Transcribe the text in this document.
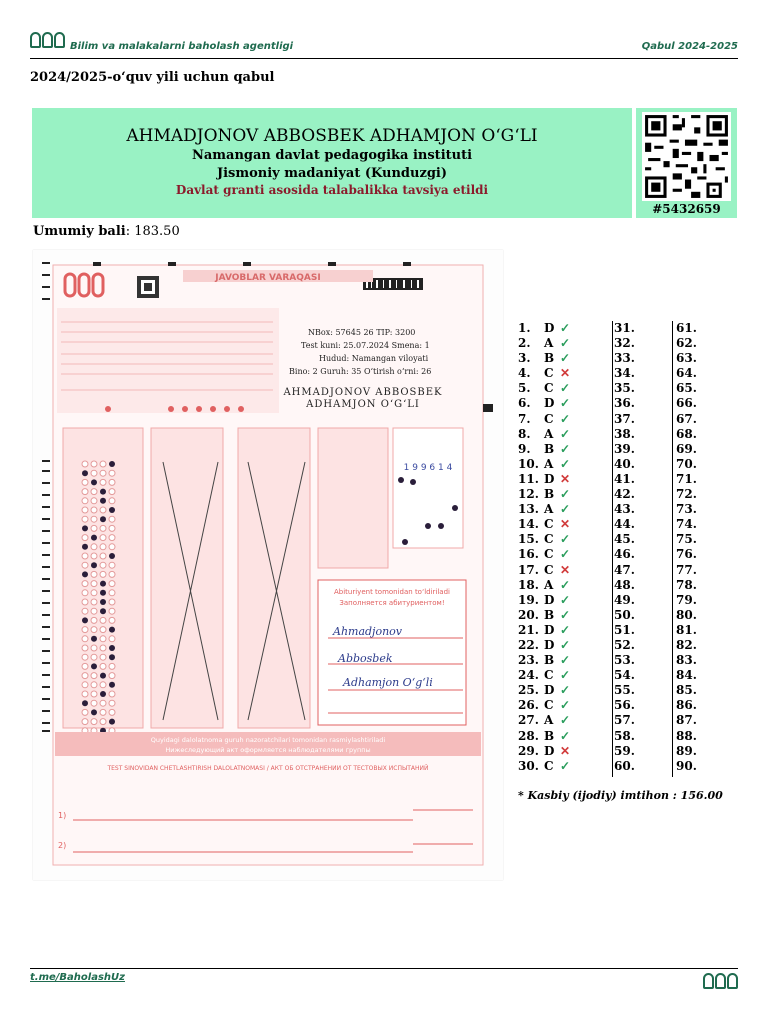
Bilim va malakalarni baholash agentligi	Qabul 2024-2025
2024/2025-o‘quv yili uchun qabul
AHMADJONOV ABBOSBEK ADHAMJON O‘G‘LI
Namangan davlat pedagogika instituti
Jismoniy madaniyat (Kunduzgi)
Davlat granti asosida talabalikka tavsiya etildi
#5432659
Umumiy bali: 183.50
JAVOBLAR VARAQASI
NBox: 57645 26 TIP: 3200
Test kuni: 25.07.2024 Smena: 1
Hudud: Namangan viloyati
Bino: 2 Guruh: 35 O‘tirish o‘rni: 26
AHMADJONOV ABBOSBEK
ADHAMJON O‘G‘LI
1 9 9 6 1 4
Abituriyent tomonidan to‘ldiriladi
Заполняется абитуриентом!
Ahmadjonov
Abbosbek
Adhamjon O‘g‘li
Quyidagi dalolatnoma guruh nazoratchilari tomonidan rasmiylashtiriladi
Нижеследующий акт оформляется наблюдателями группы
TEST SINOVIDAN CHETLASHTIRISH DALOLATNOMASI / АКТ ОБ ОТСТРАНЕНИИ ОТ ТЕСТОВЫХ ИСПЫТАНИЙ
1)
2)
1. D ✓
2. A ✓
3. B ✓
4. C ✕
5. C ✓
6. D ✓
7. C ✓
8. A ✓
9. B ✓
10. A ✓
11. D ✕
12. B ✓
13. A ✓
14. C ✕
15. C ✓
16. C ✓
17. C ✕
18. A ✓
19. D ✓
20. B ✓
21. D ✓
22. D ✓
23. B ✓
24. C ✓
25. D ✓
26. C ✓
27. A ✓
28. B ✓
29. D ✕
30. C ✓
31.
32.
33.
34.
35.
36.
37.
38.
39.
40.
41.
42.
43.
44.
45.
46.
47.
48.
49.
50.
51.
52.
53.
54.
55.
56.
57.
58.
59.
60.
61.
62.
63.
64.
65.
66.
67.
68.
69.
70.
71.
72.
73.
74.
75.
76.
77.
78.
79.
80.
81.
82.
83.
84.
85.
86.
87.
88.
89.
90.
* Kasbiy (ijodiy) imtihon : 156.00
t.me/BaholashUz
